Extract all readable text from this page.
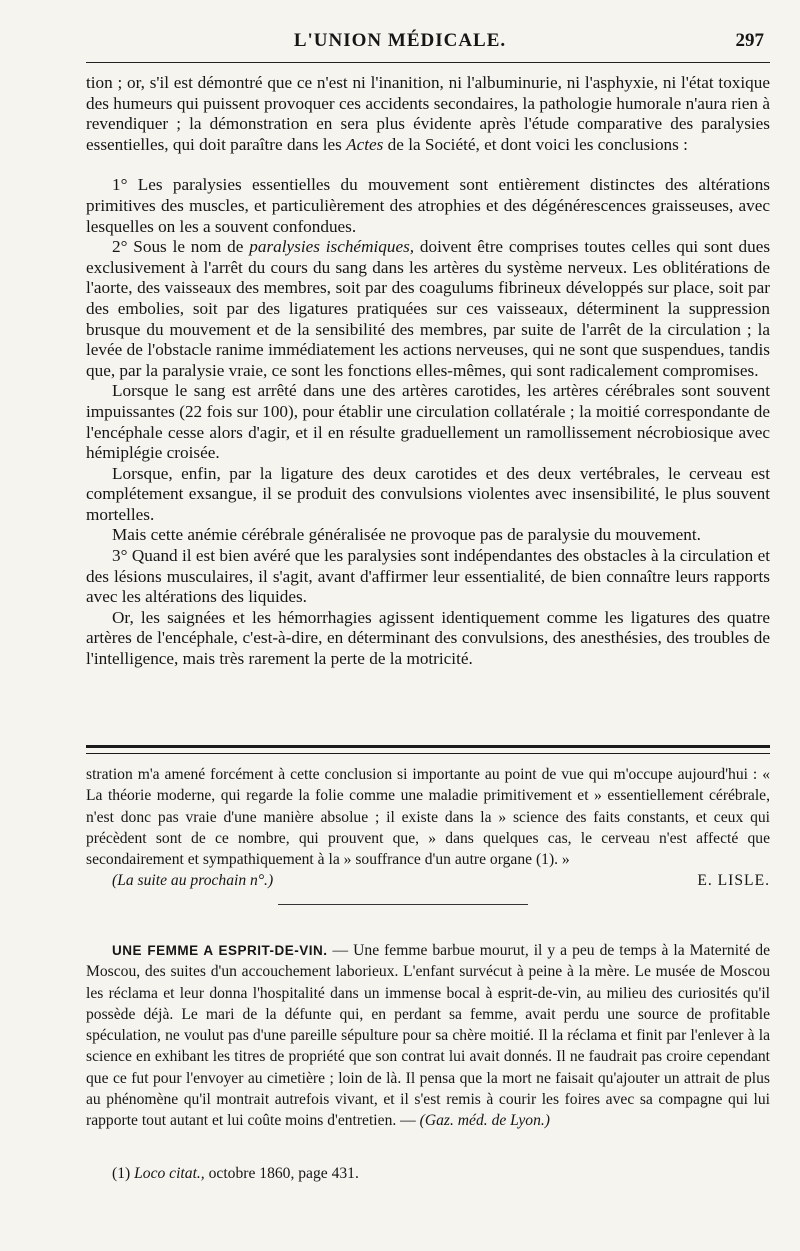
L'UNION MÉDICALE.	297

tion ; or, s'il est démontré que ce n'est ni l'inanition, ni l'albuminurie, ni l'asphyxie, ni l'état toxique des humeurs qui puissent provoquer ces accidents secondaires, la pathologie humorale n'aura rien à revendiquer ; la démonstration en sera plus évidente après l'étude comparative des paralysies essentielles, qui doit paraître dans les Actes de la Société, et dont voici les conclusions :

1° Les paralysies essentielles du mouvement sont entièrement distinctes des altérations primitives des muscles, et particulièrement des atrophies et des dégénérescences graisseuses, avec lesquelles on les a souvent confondues.

2° Sous le nom de paralysies ischémiques, doivent être comprises toutes celles qui sont dues exclusivement à l'arrêt du cours du sang dans les artères du système nerveux. Les oblitérations de l'aorte, des vaisseaux des membres, soit par des coagulums fibrineux développés sur place, soit par des embolies, soit par des ligatures pratiquées sur ces vaisseaux, déterminent la suppression brusque du mouvement et de la sensibilité des membres, par suite de l'arrêt de la circulation ; la levée de l'obstacle ranime immédiatement les actions nerveuses, qui ne sont que suspendues, tandis que, par la paralysie vraie, ce sont les fonctions elles-mêmes, qui sont radicalement compromises.

Lorsque le sang est arrêté dans une des artères carotides, les artères cérébrales sont souvent impuissantes (22 fois sur 100), pour établir une circulation collatérale ; la moitié correspondante de l'encéphale cesse alors d'agir, et il en résulte graduellement un ramollissement nécrobiosique avec hémiplégie croisée.

Lorsque, enfin, par la ligature des deux carotides et des deux vertébrales, le cerveau est complétement exsangue, il se produit des convulsions violentes avec insensibilité, le plus souvent mortelles.

Mais cette anémie cérébrale généralisée ne provoque pas de paralysie du mouvement.

3° Quand il est bien avéré que les paralysies sont indépendantes des obstacles à la circulation et des lésions musculaires, il s'agit, avant d'affirmer leur essentialité, de bien connaître leurs rapports avec les altérations des liquides.

Or, les saignées et les hémorrhagies agissent identiquement comme les ligatures des quatre artères de l'encéphale, c'est-à-dire, en déterminant des convulsions, des anesthésies, des troubles de l'intelligence, mais très rarement la perte de la motricité.

stration m'a amené forcément à cette conclusion si importante au point de vue qui m'occupe aujourd'hui : « La théorie moderne, qui regarde la folie comme une maladie primitivement et » essentiellement cérébrale, n'est donc pas vraie d'une manière absolue ; il existe dans la » science des faits constants, et ceux qui précèdent sont de ce nombre, qui prouvent que, » dans quelques cas, le cerveau n'est affecté que secondairement et sympathiquement à la » souffrance d'un autre organe (1). »

(La suite au prochain n°.)	E. LISLE.

UNE FEMME A ESPRIT-DE-VIN. — Une femme barbue mourut, il y a peu de temps à la Maternité de Moscou, des suites d'un accouchement laborieux. L'enfant survécut à peine à la mère. Le musée de Moscou les réclama et leur donna l'hospitalité dans un immense bocal à esprit-de-vin, au milieu des curiosités qu'il possède déjà. Le mari de la défunte qui, en perdant sa femme, avait perdu une source de profitable spéculation, ne voulut pas d'une pareille sépulture pour sa chère moitié. Il la réclama et finit par l'enlever à la science en exhibant les titres de propriété que son contrat lui avait donnés. Il ne faudrait pas croire cependant que ce fut pour l'envoyer au cimetière ; loin de là. Il pensa que la mort ne faisait qu'ajouter un attrait de plus au phénomène qu'il montrait autrefois vivant, et il s'est remis à courir les foires avec sa compagne qui lui rapporte tout autant et lui coûte moins d'entretien. — (Gaz. méd. de Lyon.)

(1) Loco citat., octobre 1860, page 431.
